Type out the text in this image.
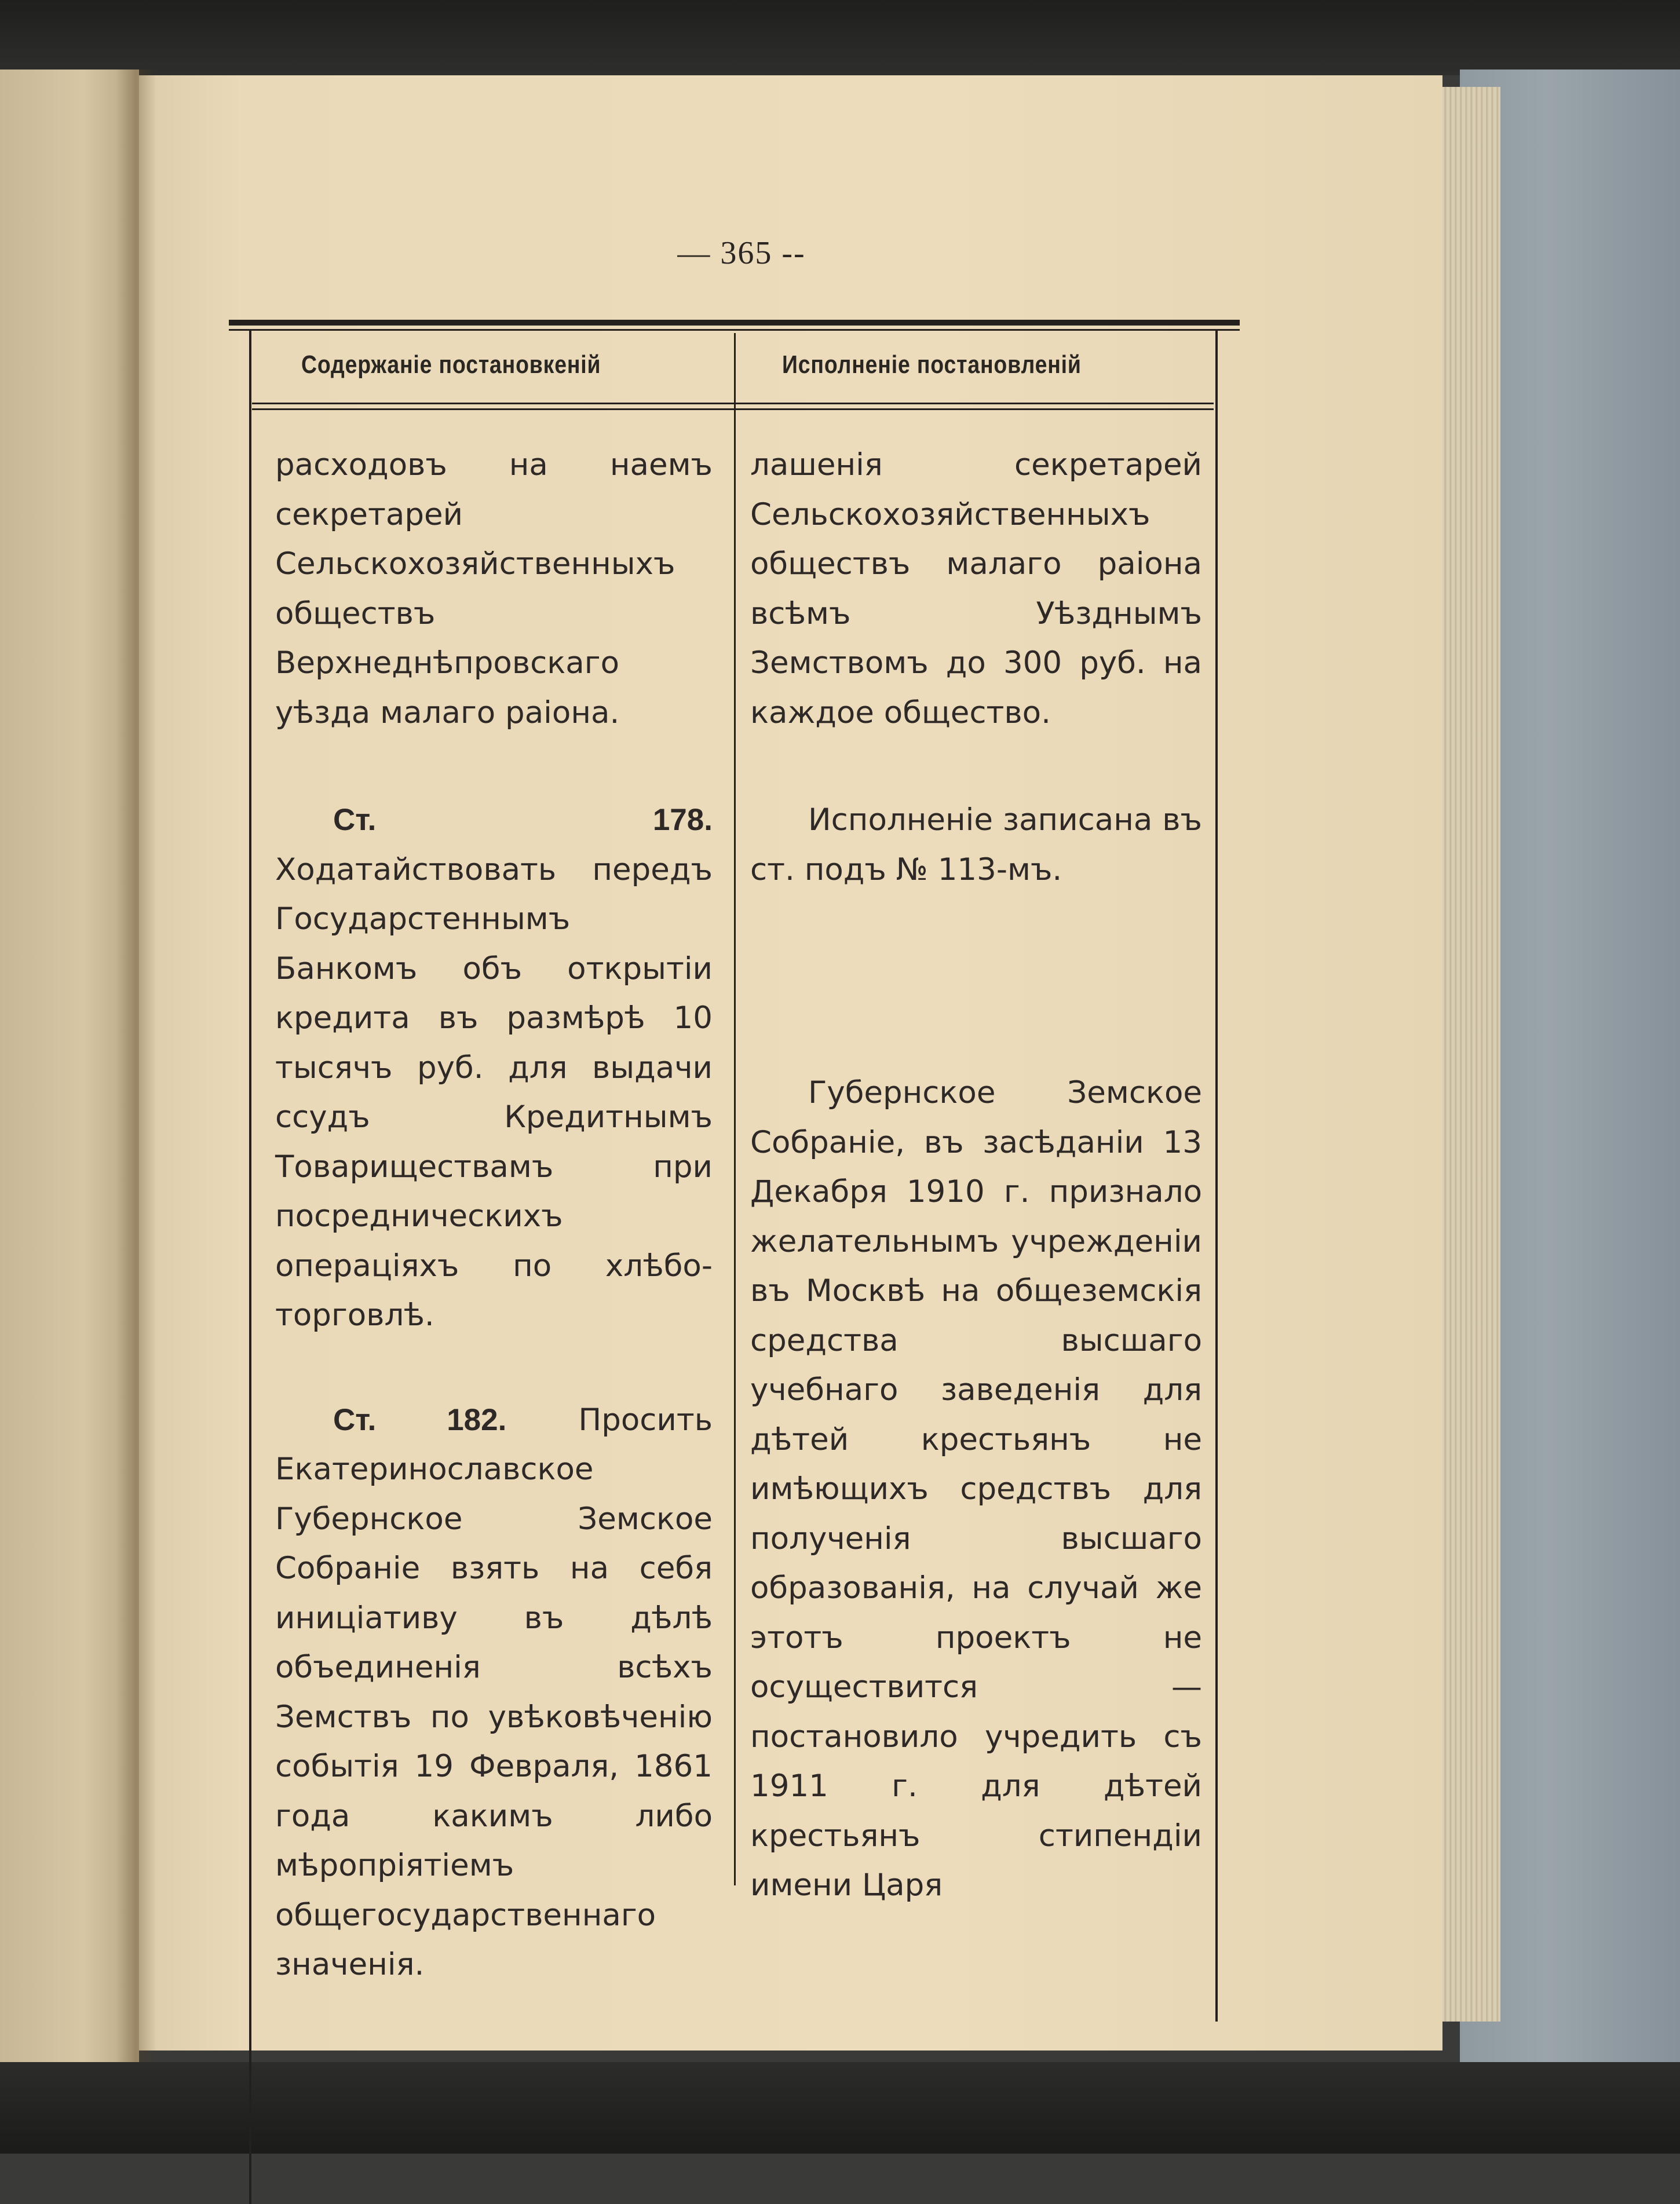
— 365 --
Содержаніе постановкеній	Исполненіе постановленій

расходовъ на наемъ секретарей Сельскохозяйственныхъ обществъ Верхнеднѣпровскаго уѣзда малаго раіона.

Ст. 178. Ходатайствовать передъ Государстеннымъ Банкомъ объ открытіи кредита въ размѣрѣ 10 тысячъ руб. для выдачи ссудъ Кредитнымъ Товариществамъ при посредническихъ операціяхъ по хлѣбо-торговлѣ.

Ст. 182. Просить Екатеринославское Губернское Земское Собраніе взять на себя иниціативу въ дѣлѣ объединенія всѣхъ Земствъ по увѣковѣченію событія 19 Февраля, 1861 года какимъ либо мѣропріятіемъ общегосударственнаго значенія.

лашенія секретарей Сельскохозяйственныхъ обществъ малаго раіона всѣмъ Уѣзднымъ Земствомъ до 300 руб. на каждое общество.

Исполненіе записана въ ст. подъ № 113-мъ.

Губернское Земское Собраніе, въ засѣданіи 13 Декабря 1910 г. признало желательнымъ учрежденіи въ Москвѣ на общеземскія средства высшаго учебнаго заведенія для дѣтей крестьянъ не имѣющихъ средствъ для полученія высшаго образованія, на случай же этотъ проектъ не осуществится — постановило учредить съ 1911 г. для дѣтей крестьянъ стипендіи имени Царя
